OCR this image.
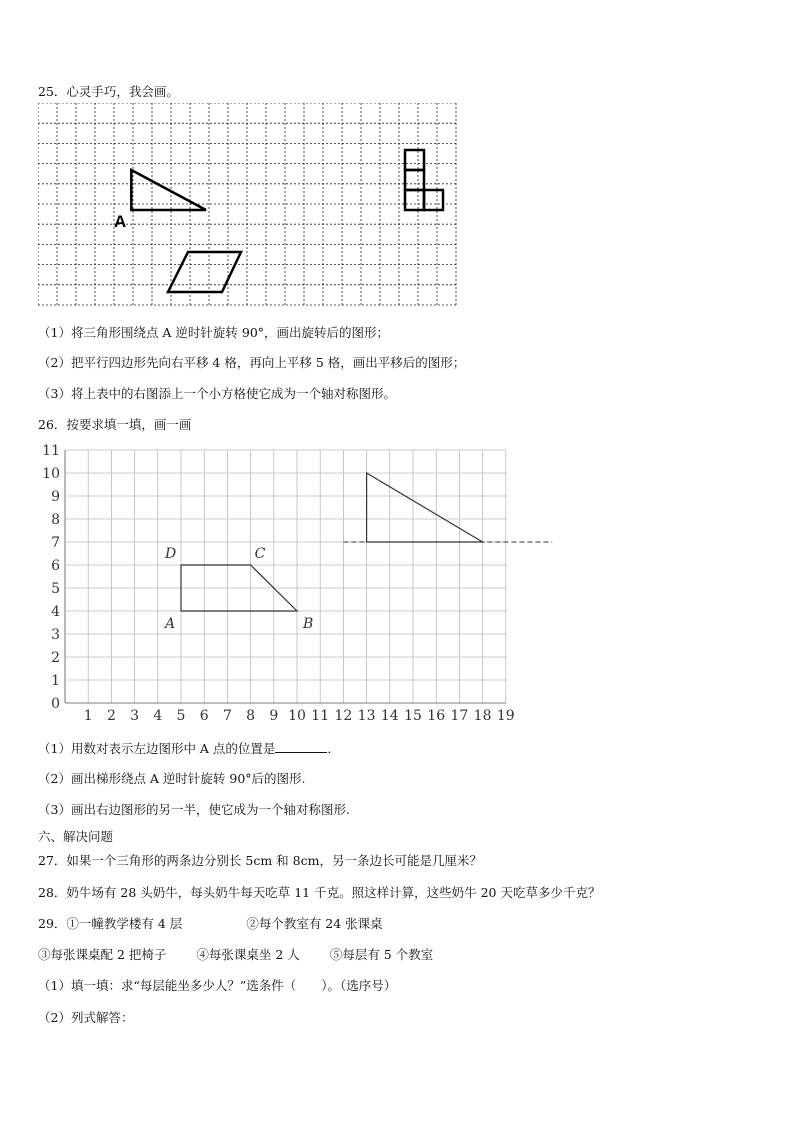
25．心灵手巧，我会画。
A
（1）将三角形围绕点 A 逆时针旋转 90°，画出旋转后的图形；
（2）把平行四边形先向右平移 4 格，再向上平移 5 格，画出平移后的图形；
（3）将上表中的右图添上一个小方格使它成为一个轴对称图形。
26．按要求填一填，画一画
0
1
2
3
4
5
6
7
8
9
10
11
1 2 3 4 5 6 7 8 9 10 11 12 13 14 15 16 17 18 19
A	B
C
D
（1）用数对表示左边图形中 A 点的位置是	．
（2）画出梯形绕点 A 逆时针旋转 90°后的图形.
（3）画出右边图形的另一半，使它成为一个轴对称图形.
六、解决问题
27．如果一个三角形的两条边分别长 5cm 和 8cm，另一条边长可能是几厘米？
28．奶牛场有 28 头奶牛，每头奶牛每天吃草 11 千克。照这样计算，这些奶牛 20 天吃草多少千克？
29．①一幢教学楼有 4 层	②每个教室有 24 张课桌
③每张课桌配 2 把椅子 ④每张课桌坐 2 人 ⑤每层有 5 个教室
（1）填一填：求“每层能坐多少人？”选条件（　　）。（选序号）
（2）列式解答：
